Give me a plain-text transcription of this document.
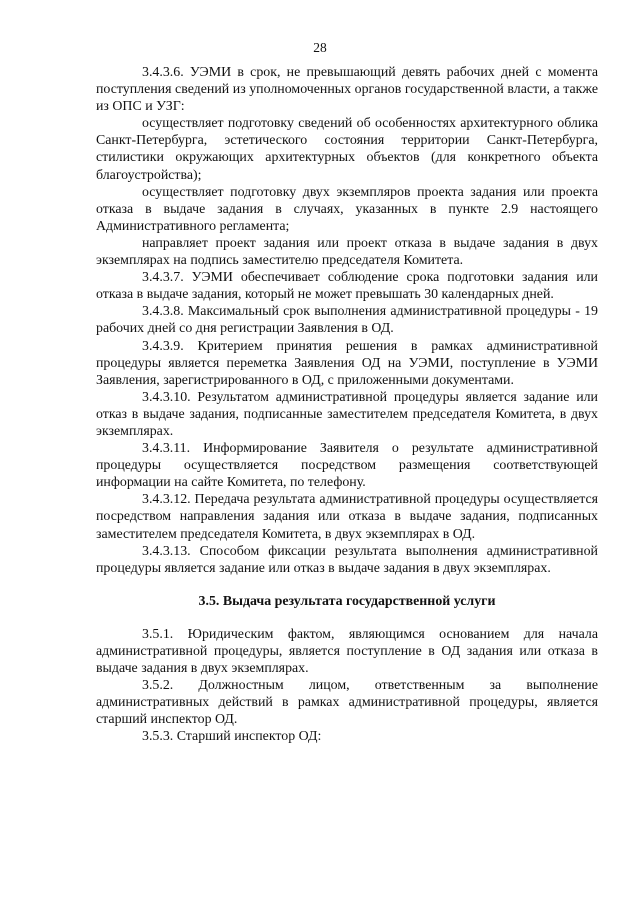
28

3.4.3.6. УЭМИ в срок, не превышающий девять рабочих дней с момента поступления сведений из уполномоченных органов государственной власти, а также из ОПС и УЗГ:

осуществляет подготовку сведений об особенностях архитектурного облика Санкт-Петербурга, эстетического состояния территории Санкт-Петербурга, стилистики окружающих архитектурных объектов (для конкретного объекта благоустройства);

осуществляет подготовку двух экземпляров проекта задания или проекта отказа в выдаче задания в случаях, указанных в пункте 2.9 настоящего Административного регламента;

направляет проект задания или проект отказа в выдаче задания в двух экземплярах на подпись заместителю председателя Комитета.

3.4.3.7. УЭМИ обеспечивает соблюдение срока подготовки задания или отказа в выдаче задания, который не может превышать 30 календарных дней.

3.4.3.8. Максимальный срок выполнения административной процедуры - 19 рабочих дней со дня регистрации Заявления в ОД.

3.4.3.9. Критерием принятия решения в рамках административной процедуры является переметка Заявления ОД на УЭМИ, поступление в УЭМИ Заявления, зарегистрированного в ОД, с приложенными документами.

3.4.3.10. Результатом административной процедуры является задание или отказ в выдаче задания, подписанные заместителем председателя Комитета, в двух экземплярах.

3.4.3.11. Информирование Заявителя о результате административной процедуры осуществляется посредством размещения соответствующей информации на сайте Комитета, по телефону.

3.4.3.12. Передача результата административной процедуры осуществляется посредством направления задания или отказа в выдаче задания, подписанных заместителем председателя Комитета, в двух экземплярах в ОД.

3.4.3.13. Способом фиксации результата выполнения административной процедуры является задание или отказ в выдаче задания в двух экземплярах.

3.5. Выдача результата государственной услуги

3.5.1. Юридическим фактом, являющимся основанием для начала административной процедуры, является поступление в ОД задания или отказа в выдаче задания в двух экземплярах.

3.5.2. Должностным лицом, ответственным за выполнение административных действий в рамках административной процедуры, является старший инспектор ОД.

3.5.3. Старший инспектор ОД:
